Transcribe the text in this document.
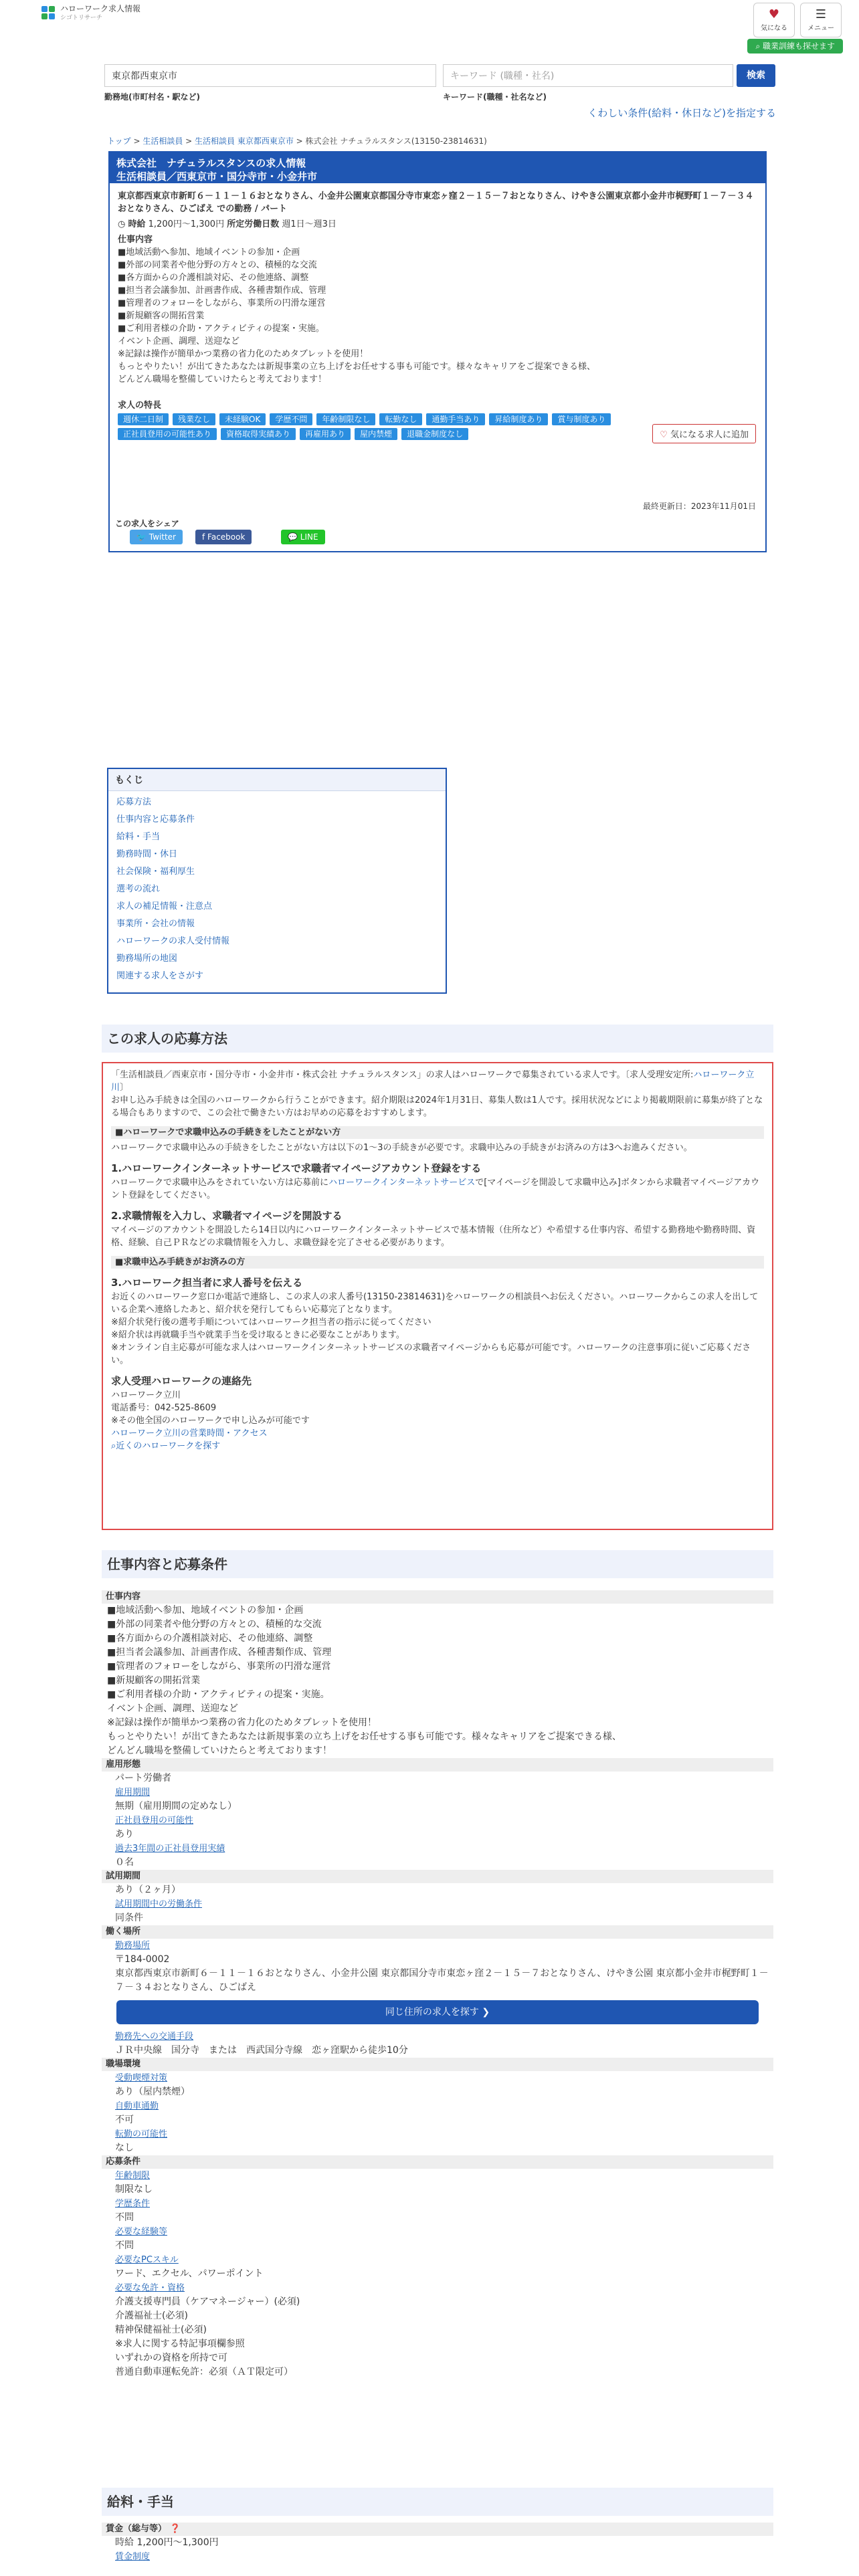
ハローワーク求人情報
シゴトリサーチ	♥
気になる
☰
メニュー
⌕ 職業訓練も探せます
東京都西東京市	キーワード (職種・社名)	検索
勤務地(市町村名・駅など)	キーワード(職種・社名など)
くわしい条件(給料・休日など)を指定する
トップ > 生活相談員 > 生活相談員 東京都西東京市 > 株式会社 ナチュラルスタンス(13150-23814631)
株式会社　ナチュラルスタンスの求人情報
生活相談員／西東京市・国分寺市・小金井市
東京都西東京市新町６－１１－１６おとなりさん、小金井公園東京都国分寺市東恋ヶ窪２－１５－７おとなりさん、けやき公園東京都小金井市梶野町１－７－３４おとなりさん、ひごばえ での勤務 / パート
◷ 時給 1,200円〜1,300円 所定労働日数 週1日〜週3日
仕事内容
■地域活動へ参加、地域イベントの参加・企画
■外部の同業者や他分野の方々との、積極的な交流
■各方面からの介護相談対応、その他連絡、調整
■担当者会議参加、計画書作成、各種書類作成、管理
■管理者のフォローをしながら、事業所の円滑な運営
■新規顧客の開拓営業
■ご利用者様の介助・アクティビティの提案・実施。
イベント企画、調理、送迎など
※記録は操作が簡単かつ業務の省力化のためタブレットを使用！
もっとやりたい！が出てきたあなたは新規事業の立ち上げをお任せする事も可能です。様々なキャリアをご提案できる様、
どんどん職場を整備していけたらと考えております！
求人の特長
週休二日制 残業なし 未経験OK 学歴不問 年齢制限なし 転勤なし 通勤手当あり 昇給制度あり 賞与制度あり正社員登用の可能性あり 資格取得実績あり 再雇用あり 屋内禁煙 退職金制度なし	♡ 気になる求人に追加
最終更新日：2023年11月01日
この求人をシェア
🐦 Twitter	f Facebook	💬 LINE
もくじ
応募方法
仕事内容と応募条件
給料・手当
勤務時間・休日
社会保険・福利厚生
選考の流れ
求人の補足情報・注意点
事業所・会社の情報
ハローワークの求人受付情報
勤務場所の地図
関連する求人をさがす
この求人の応募方法
「生活相談員／西東京市・国分寺市・小金井市・株式会社 ナチュラルスタンス」の求人はハローワークで募集されている求人です。〔求人受理安定所:ハローワーク立川〕
お申し込み手続きは全国のハローワークから行うことができます。紹介期限は2024年1月31日、募集人数は1人です。採用状況などにより掲載期限前に募集が終了となる場合もありますので、この会社で働きたい方はお早めの応募をおすすめします。
■ハローワークで求職申込みの手続きをしたことがない方
ハローワークで求職申込みの手続きをしたことがない方は以下の1〜3の手続きが必要です。求職申込みの手続きがお済みの方は3へお進みください。
1.ハローワークインターネットサービスで求職者マイページアカウント登録をする
ハローワークで求職申込みをされていない方は応募前にハローワークインターネットサービスで[マイページを開設して求職申込み]ボタンから求職者マイページアカウント登録をしてください。
2.求職情報を入力し、求職者マイページを開設する
マイページのアカウントを開設したら14日以内にハローワークインターネットサービスで基本情報（住所など）や希望する仕事内容、希望する勤務地や勤務時間、資格、経験、自己ＰＲなどの求職情報を入力し、求職登録を完了させる必要があります。
■求職申込み手続きがお済みの方
3.ハローワーク担当者に求人番号を伝える
お近くのハローワーク窓口か電話で連絡し、この求人の求人番号(13150-23814631)をハローワークの相談員へお伝えください。ハローワークからこの求人を出している企業へ連絡したあと、紹介状を発行してもらい応募完了となります。
※紹介状発行後の選考手順についてはハローワーク担当者の指示に従ってください
※紹介状は再就職手当や就業手当を受け取るときに必要なことがあります。
※オンライン自主応募が可能な求人はハローワークインターネットサービスの求職者マイページからも応募が可能です。ハローワークの注意事項に従いご応募ください。
求人受理ハローワークの連絡先
ハローワーク立川
電話番号：042-525-8609
※その他全国のハローワークで申し込みが可能です
ハローワーク立川の営業時間・アクセス
⌕近くのハローワークを探す
仕事内容と応募条件
仕事内容
■地域活動へ参加、地域イベントの参加・企画
■外部の同業者や他分野の方々との、積極的な交流
■各方面からの介護相談対応、その他連絡、調整
■担当者会議参加、計画書作成、各種書類作成、管理
■管理者のフォローをしながら、事業所の円滑な運営
■新規顧客の開拓営業
■ご利用者様の介助・アクティビティの提案・実施。
イベント企画、調理、送迎など
※記録は操作が簡単かつ業務の省力化のためタブレットを使用！
もっとやりたい！が出てきたあなたは新規事業の立ち上げをお任せする事も可能です。様々なキャリアをご提案できる様、
どんどん職場を整備していけたらと考えております！
雇用形態
パート労働者
雇用期間
無期（雇用期間の定めなし）
正社員登用の可能性
あり
過去3年間の正社員登用実績
０名
試用期間
あり（２ヶ月）
試用期間中の労働条件
同条件
働く場所
勤務場所
〒184-0002
東京都西東京市新町６－１１－１６おとなりさん、小金井公園 東京都国分寺市東恋ヶ窪２－１５－７おとなりさん、けやき公園 東京都小金井市梶野町１－７－３４おとなりさん、ひごばえ
同じ住所の求人を探す ❯
勤務先への交通手段
ＪＲ中央線　国分寺　または　西武国分寺線　恋ヶ窪駅から徒歩10分
職場環境
受動喫煙対策
あり（屋内禁煙）
自動車通勤
不可
転勤の可能性
なし
応募条件
年齢制限
制限なし
学歴条件
不問
必要な経験等
不問
必要なPCスキル
ワード、エクセル、パワーポイント
必要な免許・資格
介護支援専門員（ケアマネージャー）(必須)
介護福祉士(必須)
精神保健福祉士(必須)
※求人に関する特記事項欄参照
いずれかの資格を所持で可
普通自動車運転免許：必須（ＡＴ限定可）
給料・手当
賃金（総与等） ❓
時給 1,200円〜1,300円
賃金制度
